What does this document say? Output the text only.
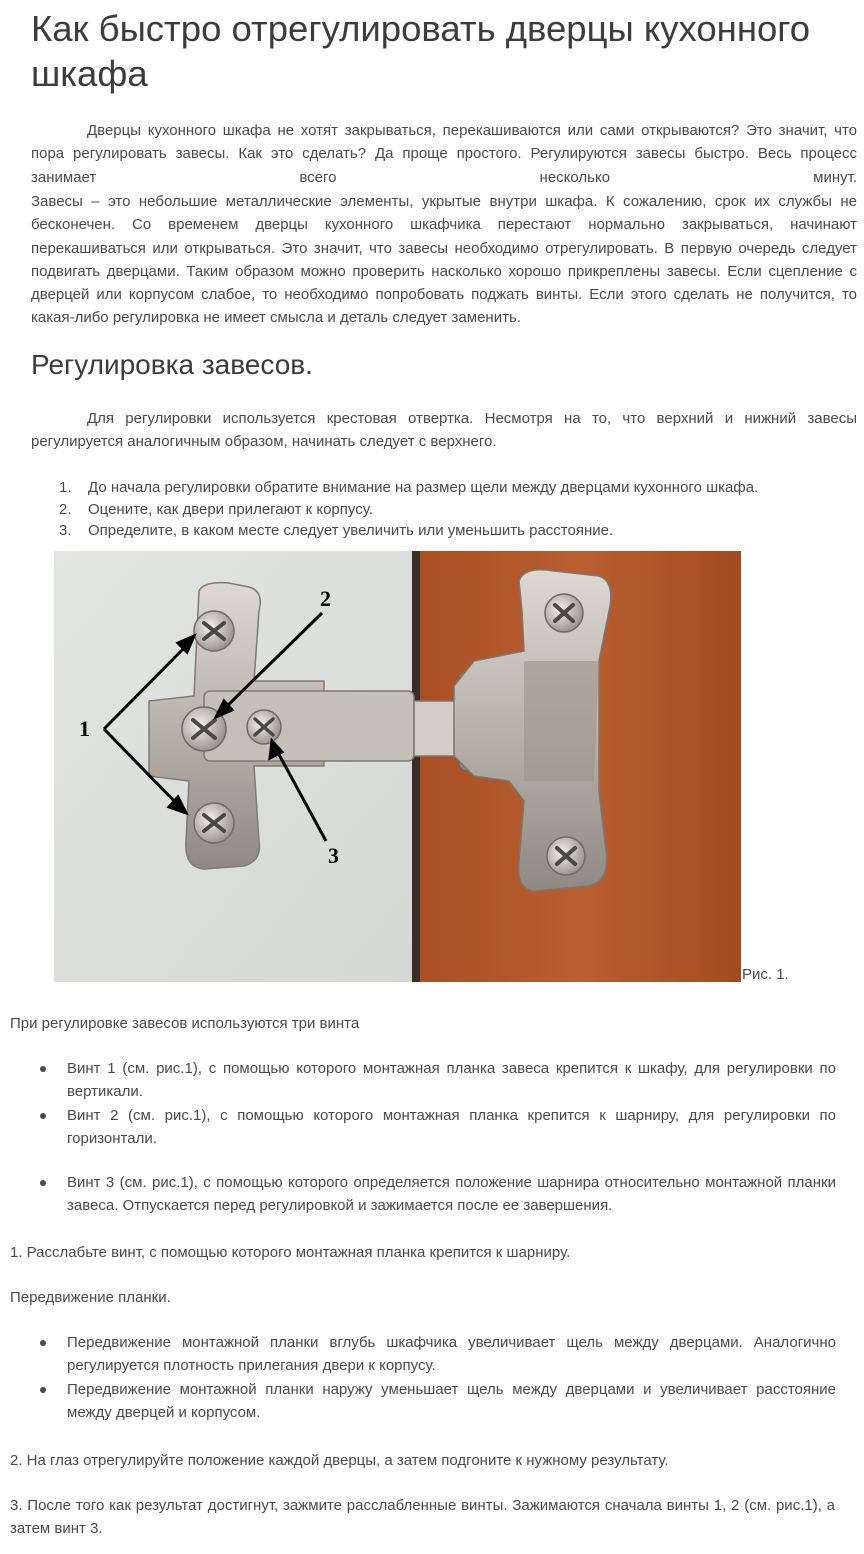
Как быстро отрегулировать дверцы кухонного шкафа

Дверцы кухонного шкафа не хотят закрываться, перекашиваются или сами открываются? Это значит, что пора регулировать завесы. Как это сделать? Да проще простого. Регулируются завесы быстро. Весь процесс занимает всего несколько минут.

Завесы – это небольшие металлические элементы, укрытые внутри шкафа. К сожалению, срок их службы не бесконечен. Со временем дверцы кухонного шкафчика перестают нормально закрываться, начинают перекашиваться или открываться. Это значит, что завесы необходимо отрегулировать. В первую очередь следует подвигать дверцами. Таким образом можно проверить насколько хорошо прикреплены завесы. Если сцепление с дверцей или корпусом слабое, то необходимо попробовать поджать винты. Если этого сделать не получится, то какая-либо регулировка не имеет смысла и деталь следует заменить.

Регулировка завесов.

Для регулировки используется крестовая отвертка. Несмотря на то, что верхний и нижний завесы регулируется аналогичным образом, начинать следует с верхнего.

1. До начала регулировки обратите внимание на размер щели между дверцами кухонного шкафа.
2. Оцените, как двери прилегают к корпусу.
3. Определите, в каком месте следует увеличить или уменьшить расстояние.
1
2
3
Рис. 1.

При регулировке завесов используются три винта

Винт 1 (см. рис.1), с помощью которого монтажная планка завеса крепится к шкафу, для регулировки по вертикали.
Винт 2 (см. рис.1), с помощью которого монтажная планка крепится к шарниру, для регулировки по горизонтали.
Винт 3 (см. рис.1), с помощью которого определяется положение шарнира относительно монтажной планки завеса. Отпускается перед регулировкой и зажимается после ее завершения.

1. Расслабьте винт, с помощью которого монтажная планка крепится к шарниру.

Передвижение планки.

Передвижение монтажной планки вглубь шкафчика увеличивает щель между дверцами. Аналогично регулируется плотность прилегания двери к корпусу.
Передвижение монтажной планки наружу уменьшает щель между дверцами и увеличивает расстояние между дверцей и корпусом.

2. На глаз отрегулируйте положение каждой дверцы, а затем подгоните к нужному результату.

3. После того как результат достигнут, зажмите расслабленные винты. Зажимаются сначала винты 1, 2 (см. рис.1), а затем винт 3.
